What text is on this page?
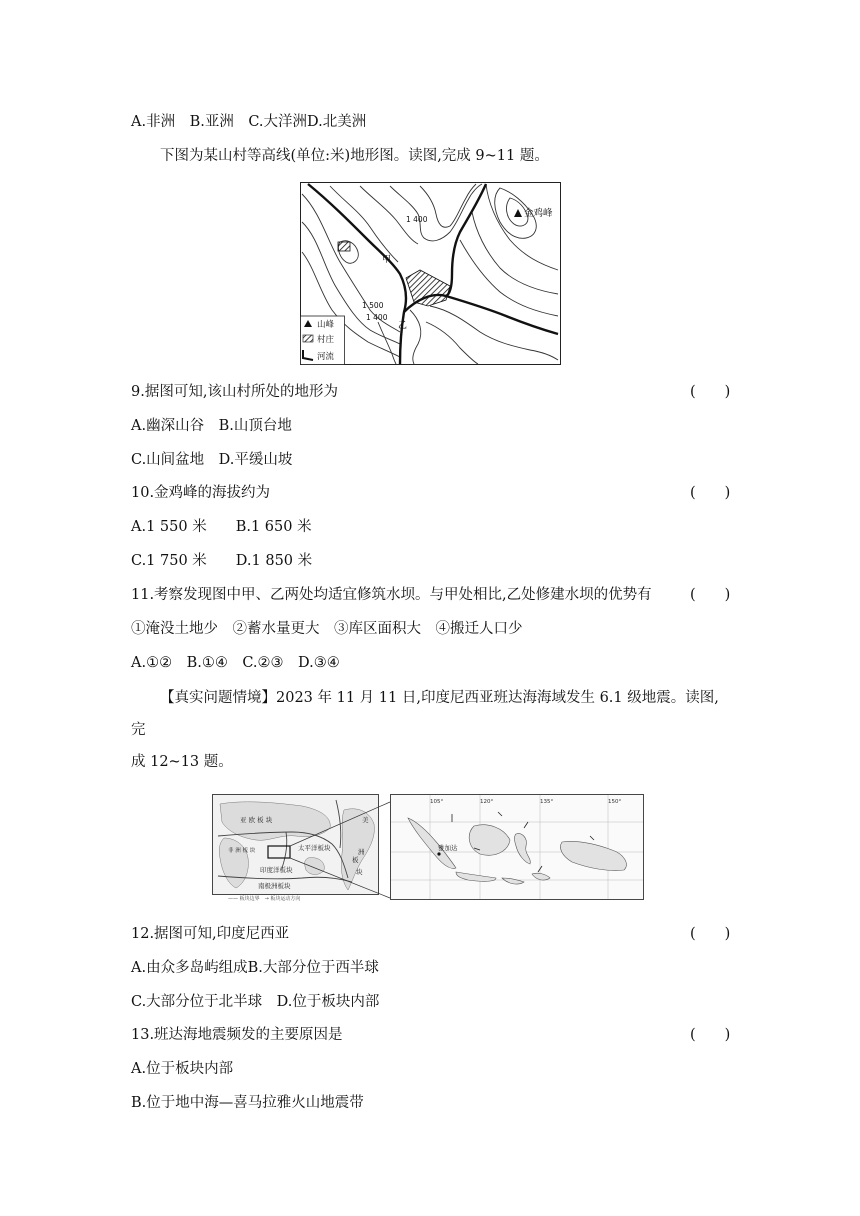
A.非洲　B.亚洲　C.大洋洲D.北美洲
下图为某山村等高线(单位:米)地形图。读图,完成 9~11 题。
金鸡峰
1 400
1 500
1 400
甲
乙
山峰
村庄
河流
9.据图可知,该山村所处的地形为	(　　)
A.幽深山谷　B.山顶台地
C.山间盆地　D.平缓山坡
10.金鸡峰的海拔约为	(　　)
A.1 550 米　　B.1 650 米
C.1 750 米　　D.1 850 米
11.考察发现图中甲、乙两处均适宜修筑水坝。与甲处相比,乙处修建水坝的优势有	(　　)
①淹没土地少　②蓄水量更大　③库区面积大　④搬迁人口少
A.①②　B.①④　C.②③　D.③④
【真实问题情境】2023 年 11 月 11 日,印度尼西亚班达海海域发生 6.1 级地震。读图,完
成 12~13 题。
亚 欧 板 块
非 洲 板 块	太平洋板块
印度洋板块
南极洲板块
美
洲
板
块
—— 板块边界　→ 板块运动方向
105°	120°	135°	150°
雅加达
12.据图可知,印度尼西亚	(　　)
A.由众多岛屿组成B.大部分位于西半球
C.大部分位于北半球　D.位于板块内部
13.班达海地震频发的主要原因是	(　　)
A.位于板块内部
B.位于地中海—喜马拉雅火山地震带
